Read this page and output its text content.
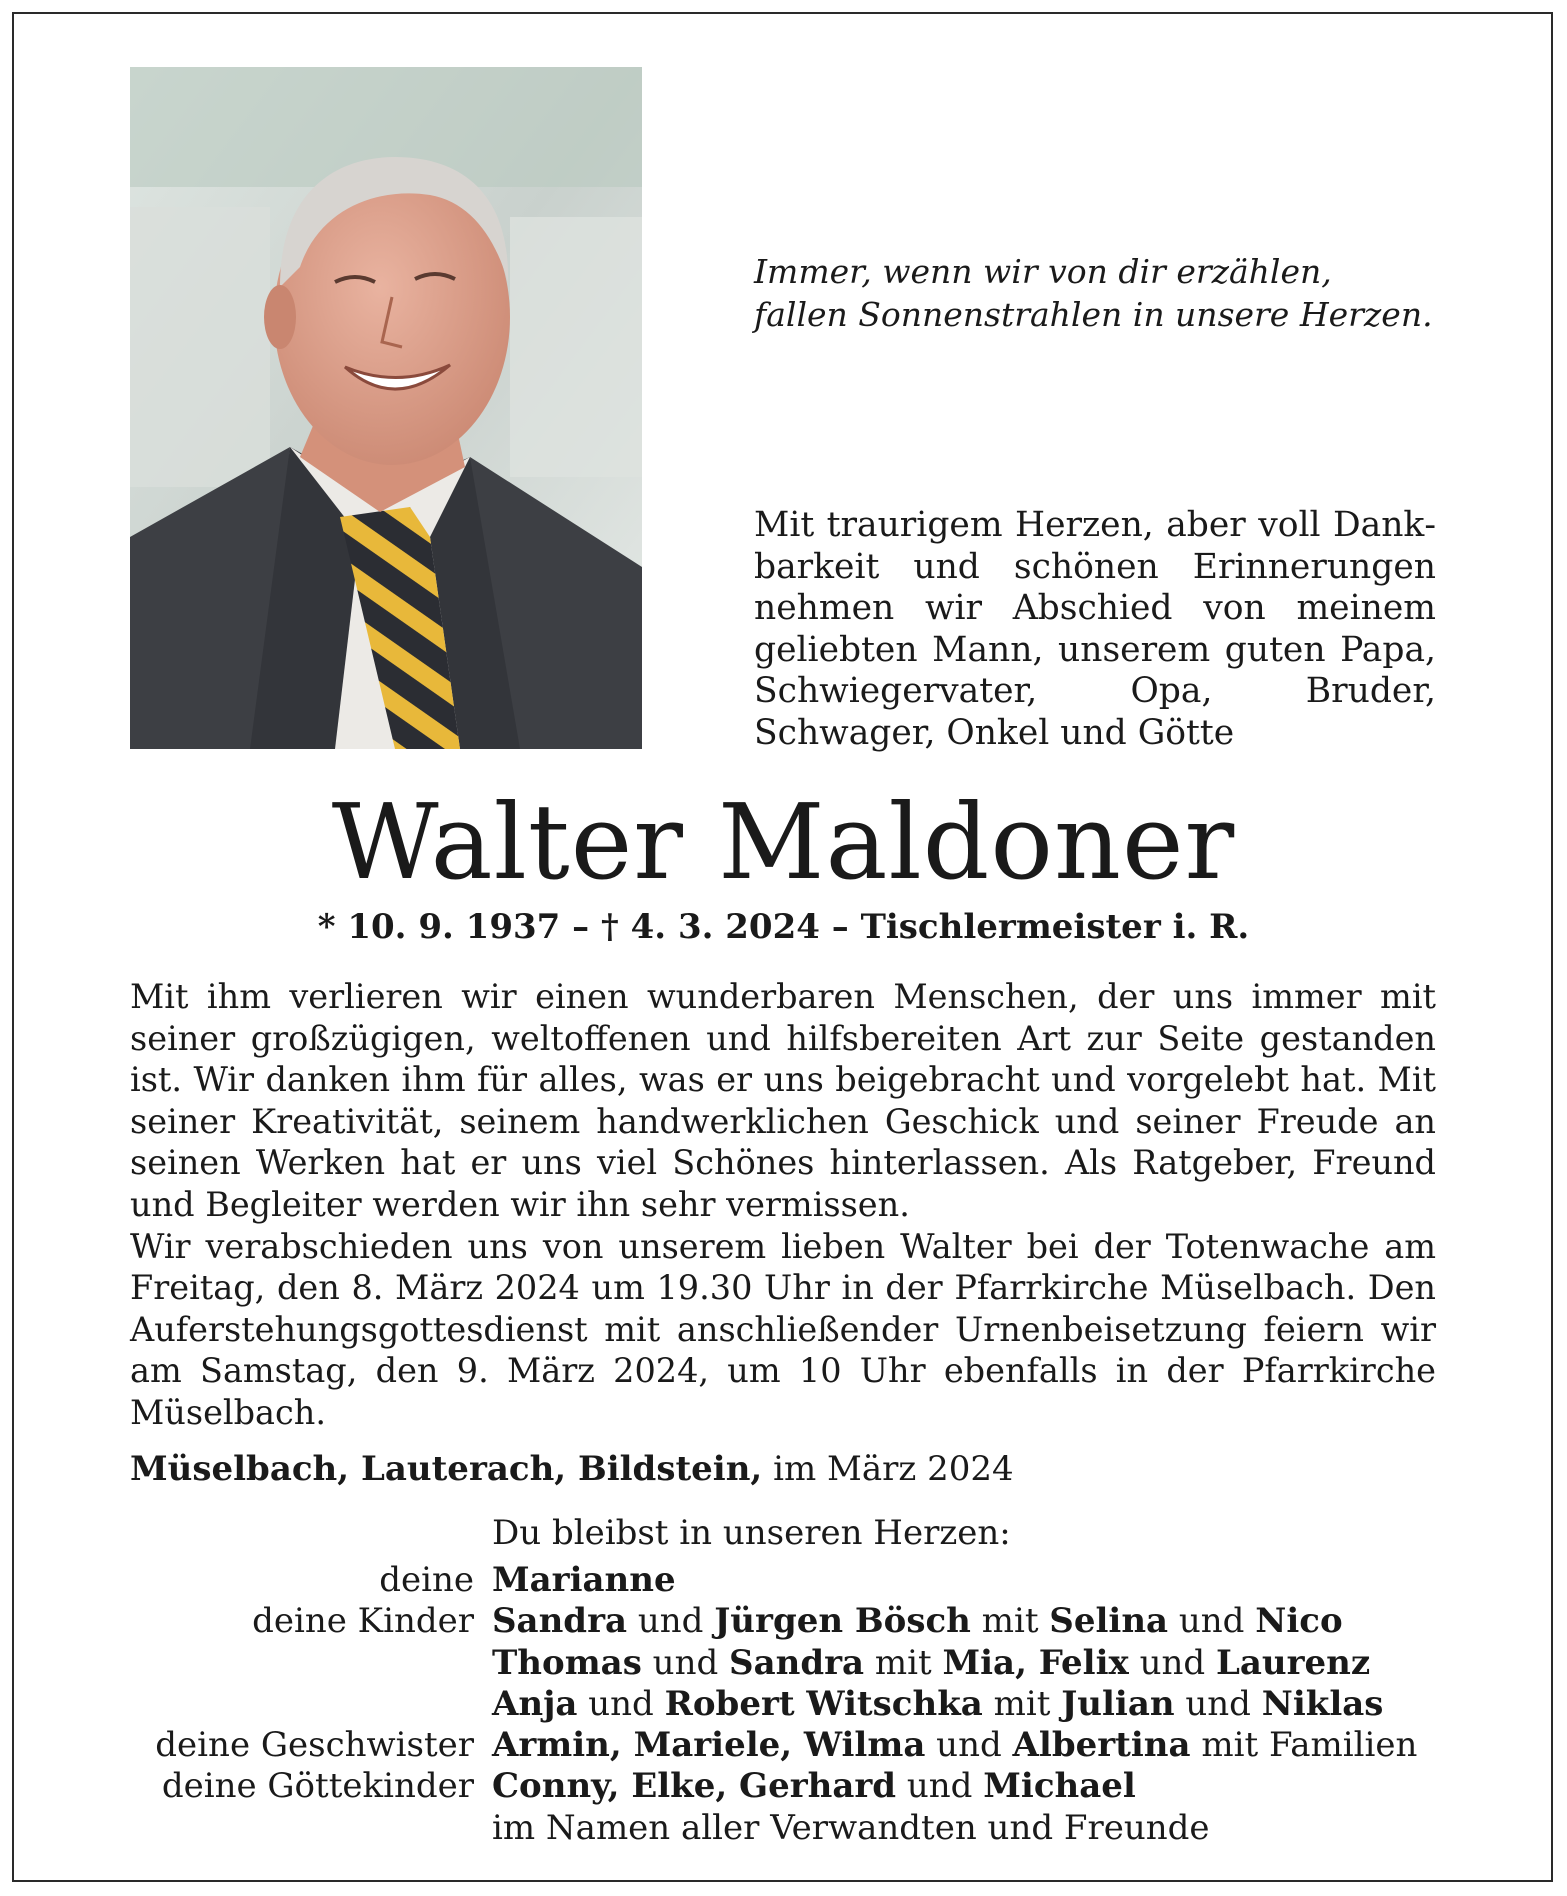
Immer, wenn wir von dir erzählen,
fallen Sonnenstrahlen in unsere Herzen.
Mit traurigem Herzen, aber voll Dankbarkeit und schönen Erinnerungen nehmen wir Abschied von meinem geliebten Mann, unserem guten Papa, Schwiegervater, Opa, Bruder, Schwager, Onkel und Götte
Walter Maldoner
* 10. 9. 1937 – † 4. 3. 2024 – Tischlermeister i. R.

Mit ihm verlieren wir einen wunderbaren Menschen, der uns immer mit seiner großzügigen, weltoffenen und hilfsbereiten Art zur Seite gestanden ist. Wir danken ihm für alles, was er uns beigebracht und vorgelebt hat. Mit seiner Kreativität, seinem handwerklichen Geschick und seiner Freude an seinen Werken hat er uns viel Schönes hinterlassen. Als Ratgeber, Freund und Begleiter werden wir ihn sehr vermissen.

Wir verabschieden uns von unserem lieben Walter bei der Totenwache am Freitag, den 8. März 2024 um 19.30 Uhr in der Pfarrkirche Müselbach. Den Auferstehungsgottesdienst mit anschließender Urnenbeisetzung feiern wir am Samstag, den 9. März 2024, um 10 Uhr ebenfalls in der Pfarrkirche Müselbach.

Müselbach, Lauterach, Bildstein, im März 2024
Du bleibst in unseren Herzen:
deine Marianne
deine Kinder Sandra und Jürgen Bösch mit Selina und Nico
Thomas und Sandra mit Mia, Felix und Laurenz
Anja und Robert Witschka mit Julian und Niklas
deine Geschwister Armin, Mariele, Wilma und Albertina mit Familien
deine Göttekinder Conny, Elke, Gerhard und Michael
im Namen aller Verwandten und Freunde
